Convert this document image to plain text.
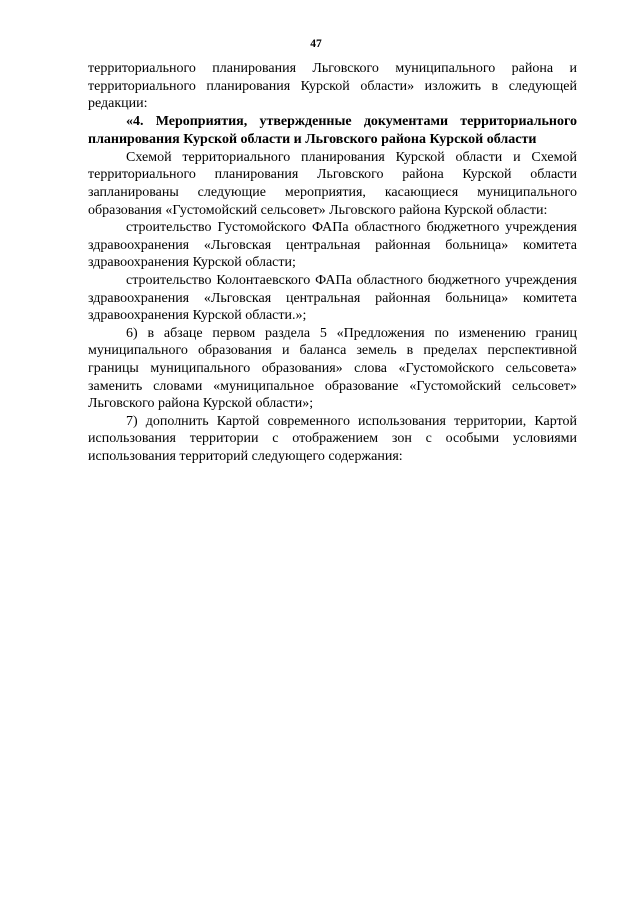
47

территориального планирования Льговского муниципального района и территориального планирования Курской области» изложить в следующей редакции:

«4. Мероприятия, утвержденные документами территориального планирования Курской области и Льговского района Курской области

Схемой территориального планирования Курской области и Схемой территориального планирования Льговского района Курской области запланированы следующие мероприятия, касающиеся муниципального образования «Густомойский сельсовет» Льговского района Курской области:

строительство Густомойского ФАПа областного бюджетного учреждения здравоохранения «Льговская центральная районная больница» комитета здравоохранения Курской области;

строительство Колонтаевского ФАПа областного бюджетного учреждения здравоохранения «Льговская центральная районная больница» комитета здравоохранения Курской области.»;

6) в абзаце первом раздела 5 «Предложения по изменению границ муниципального образования и баланса земель в пределах перспективной границы муниципального образования» слова «Густомойского сельсовета» заменить словами «муниципальное образование «Густомойский сельсовет» Льговского района Курской области»;

7) дополнить Картой современного использования территории, Картой использования территории с отображением зон с особыми условиями использования территорий следующего содержания:
